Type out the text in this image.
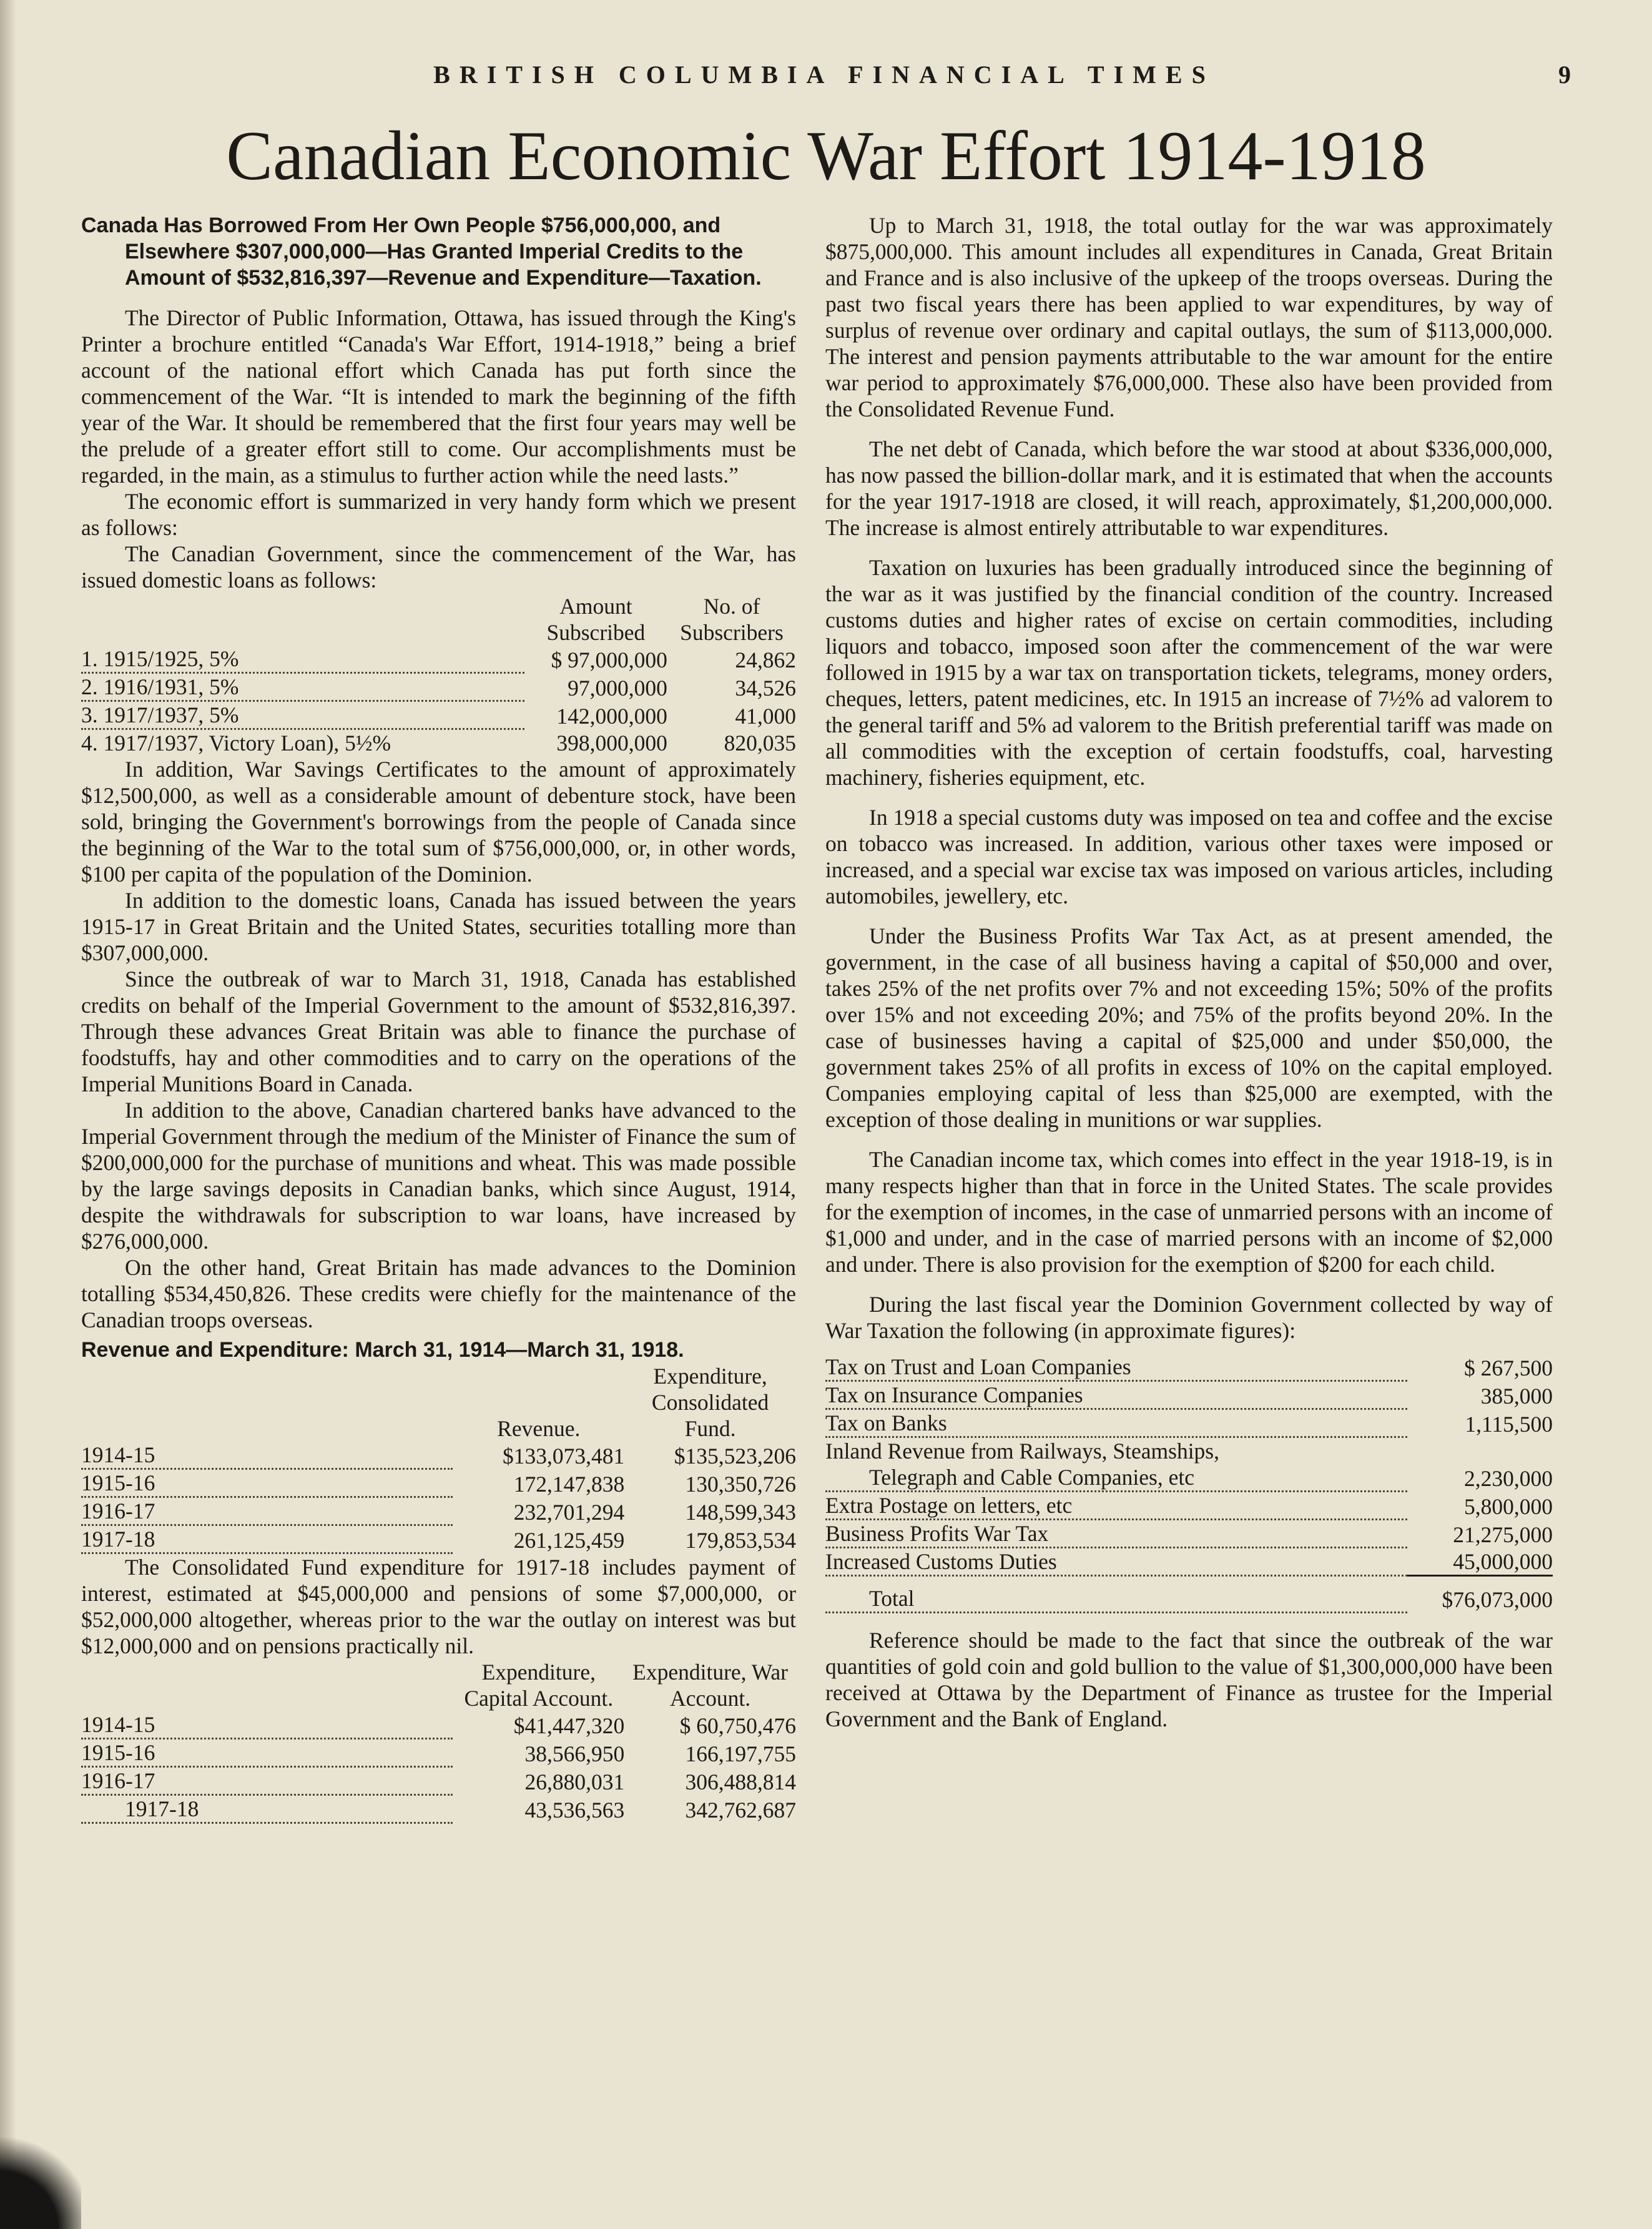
BRITISH COLUMBIA FINANCIAL TIMES	9
Canadian Economic War Effort 1914-1918
Canada Has Borrowed From Her Own People $756,000,000, and Elsewhere $307,000,000—Has Granted Imperial Credits to the Amount of $532,816,397—Revenue and Expenditure—Taxation.

The Director of Public Information, Ottawa, has issued through the King's Printer a brochure entitled “Canada's War Effort, 1914-1918,” being a brief account of the national effort which Canada has put forth since the commencement of the War. “It is intended to mark the beginning of the fifth year of the War. It should be remembered that the first four years may well be the prelude of a greater effort still to come. Our accomplishments must be regarded, in the main, as a stimulus to further action while the need lasts.”

The economic effort is summarized in very handy form which we present as follows:

The Canadian Government, since the commencement of the War, has issued domestic loans as follows:

	Amount Subscribed	No. of Subscribers
1. 1915/1925, 5%	$ 97,000,000	24,862
2. 1916/1931, 5%	97,000,000	34,526
3. 1917/1937, 5%	142,000,000	41,000
4. 1917/1937, Victory Loan), 5½%	398,000,000	820,035

In addition, War Savings Certificates to the amount of approximately $12,500,000, as well as a considerable amount of debenture stock, have been sold, bringing the Government's borrowings from the people of Canada since the beginning of the War to the total sum of $756,000,000, or, in other words, $100 per capita of the population of the Dominion.

In addition to the domestic loans, Canada has issued between the years 1915-17 in Great Britain and the United States, securities totalling more than $307,000,000.

Since the outbreak of war to March 31, 1918, Canada has established credits on behalf of the Imperial Government to the amount of $532,816,397. Through these advances Great Britain was able to finance the purchase of foodstuffs, hay and other commodities and to carry on the operations of the Imperial Munitions Board in Canada.

In addition to the above, Canadian chartered banks have advanced to the Imperial Government through the medium of the Minister of Finance the sum of $200,000,000 for the purchase of munitions and wheat. This was made possible by the large savings deposits in Canadian banks, which since August, 1914, despite the withdrawals for subscription to war loans, have increased by $276,000,000.

On the other hand, Great Britain has made advances to the Dominion totalling $534,450,826. These credits were chiefly for the maintenance of the Canadian troops overseas.

Revenue and Expenditure: March 31, 1914—March 31, 1918.
	Revenue.	Expenditure, Consolidated Fund.
1914-15	$133,073,481	$135,523,206
1915-16	172,147,838	130,350,726
1916-17	232,701,294	148,599,343
1917-18	261,125,459	179,853,534

The Consolidated Fund expenditure for 1917-18 includes payment of interest, estimated at $45,000,000 and pensions of some $7,000,000, or $52,000,000 altogether, whereas prior to the war the outlay on interest was but $12,000,000 and on pensions practically nil.

	Expenditure, Capital Account.	Expenditure, War Account.
1914-15	$41,447,320	$ 60,750,476
1915-16	38,566,950	166,197,755
1916-17	26,880,031	306,488,814
1917-18	43,536,563	342,762,687

Up to March 31, 1918, the total outlay for the war was approximately $875,000,000. This amount includes all expenditures in Canada, Great Britain and France and is also inclusive of the upkeep of the troops overseas. During the past two fiscal years there has been applied to war expenditures, by way of surplus of revenue over ordinary and capital outlays, the sum of $113,000,000. The interest and pension payments attributable to the war amount for the entire war period to approximately $76,000,000. These also have been provided from the Consolidated Revenue Fund.

The net debt of Canada, which before the war stood at about $336,000,000, has now passed the billion-dollar mark, and it is estimated that when the accounts for the year 1917-1918 are closed, it will reach, approximately, $1,200,000,000. The increase is almost entirely attributable to war expenditures.

Taxation on luxuries has been gradually introduced since the beginning of the war as it was justified by the financial condition of the country. Increased customs duties and higher rates of excise on certain commodities, including liquors and tobacco, imposed soon after the commencement of the war were followed in 1915 by a war tax on transportation tickets, telegrams, money orders, cheques, letters, patent medicines, etc. In 1915 an increase of 7½% ad valorem to the general tariff and 5% ad valorem to the British preferential tariff was made on all commodities with the exception of certain foodstuffs, coal, harvesting machinery, fisheries equipment, etc.

In 1918 a special customs duty was imposed on tea and coffee and the excise on tobacco was increased. In addition, various other taxes were imposed or increased, and a special war excise tax was imposed on various articles, including automobiles, jewellery, etc.

Under the Business Profits War Tax Act, as at present amended, the government, in the case of all business having a capital of $50,000 and over, takes 25% of the net profits over 7% and not exceeding 15%; 50% of the profits over 15% and not exceeding 20%; and 75% of the profits beyond 20%. In the case of businesses having a capital of $25,000 and under $50,000, the government takes 25% of all profits in excess of 10% on the capital employed. Companies employing capital of less than $25,000 are exempted, with the exception of those dealing in munitions or war supplies.

The Canadian income tax, which comes into effect in the year 1918-19, is in many respects higher than that in force in the United States. The scale provides for the exemption of incomes, in the case of unmarried persons with an income of $1,000 and under, and in the case of married persons with an income of $2,000 and under. There is also provision for the exemption of $200 for each child.

During the last fiscal year the Dominion Government collected by way of War Taxation the following (in approximate figures):

Tax on Trust and Loan Companies	$ 267,500
Tax on Insurance Companies	385,000
Tax on Banks	1,115,500
Inland Revenue from Railways, Steamships,	
Telegraph and Cable Companies, etc	2,230,000
Extra Postage on letters, etc	5,800,000
Business Profits War Tax	21,275,000
Increased Customs Duties	45,000,000
Total	$76,073,000

Reference should be made to the fact that since the outbreak of the war quantities of gold coin and gold bullion to the value of $1,300,000,000 have been received at Ottawa by the Department of Finance as trustee for the Imperial Government and the Bank of England.
